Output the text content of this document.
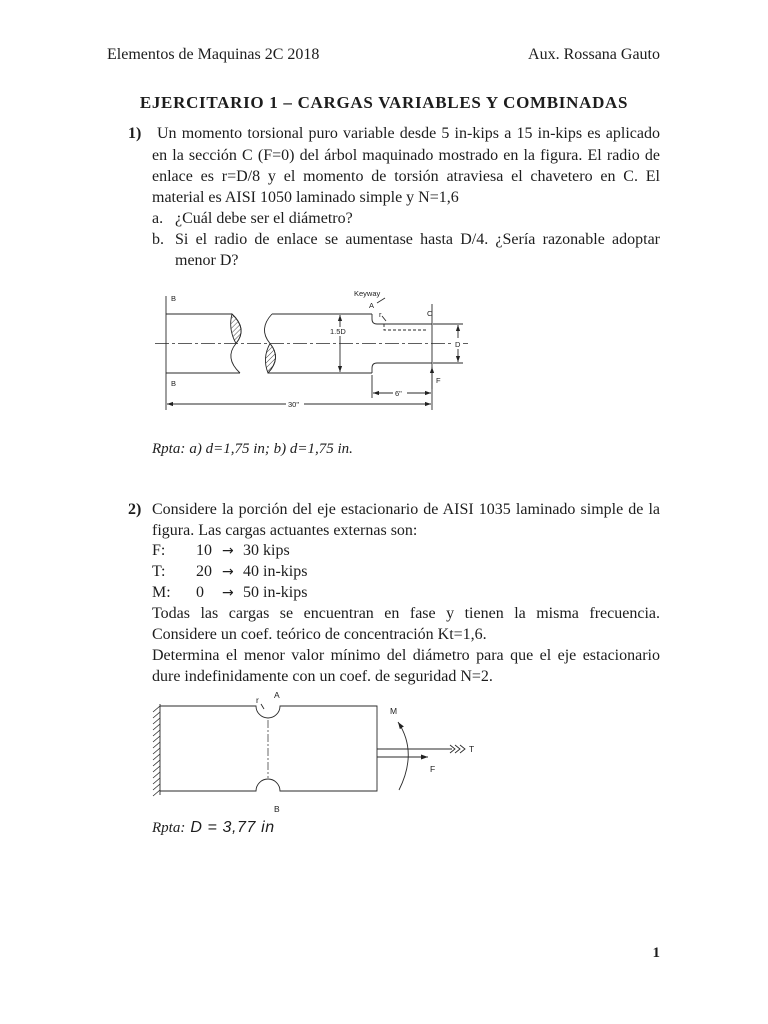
Elementos de Maquinas 2C 2018	Aux. Rossana Gauto
EJERCITARIO 1 – CARGAS VARIABLES Y COMBINADAS
1) Un momento torsional puro variable desde 5 in-kips a 15 in-kips es aplicado
en la sección C (F=0) del árbol maquinado mostrado en la figura. El radio de
enlace es r=D/8 y el momento de torsión atraviesa el chavetero en C. El
material es AISI 1050 laminado simple y N=1,6
a. ¿Cuál debe ser el diámetro?
b. Si el radio de enlace se aumentase hasta D/4. ¿Sería razonable adoptar
menor D?
B
B
Keyway
A
r	C
1.5D
D
F
6"
30"
Rpta: a) d=1,75 in; b) d=1,75 in.
2) Considere la porción del eje estacionario de AISI 1035 laminado simple de la
figura. Las cargas actuantes externas son:
F: 10 → 30 kips
T: 20 → 40 in-kips
M: 0 → 50 in-kips
Todas las cargas se encuentran en fase y tienen la misma frecuencia.
Considere un coef. teórico de concentración Kt=1,6.
Determina el menor valor mínimo del diámetro para que el eje estacionario
dure indefinidamente con un coef. de seguridad N=2.
r A
B
M
T
F
Rpta: D = 3,77 in
1
